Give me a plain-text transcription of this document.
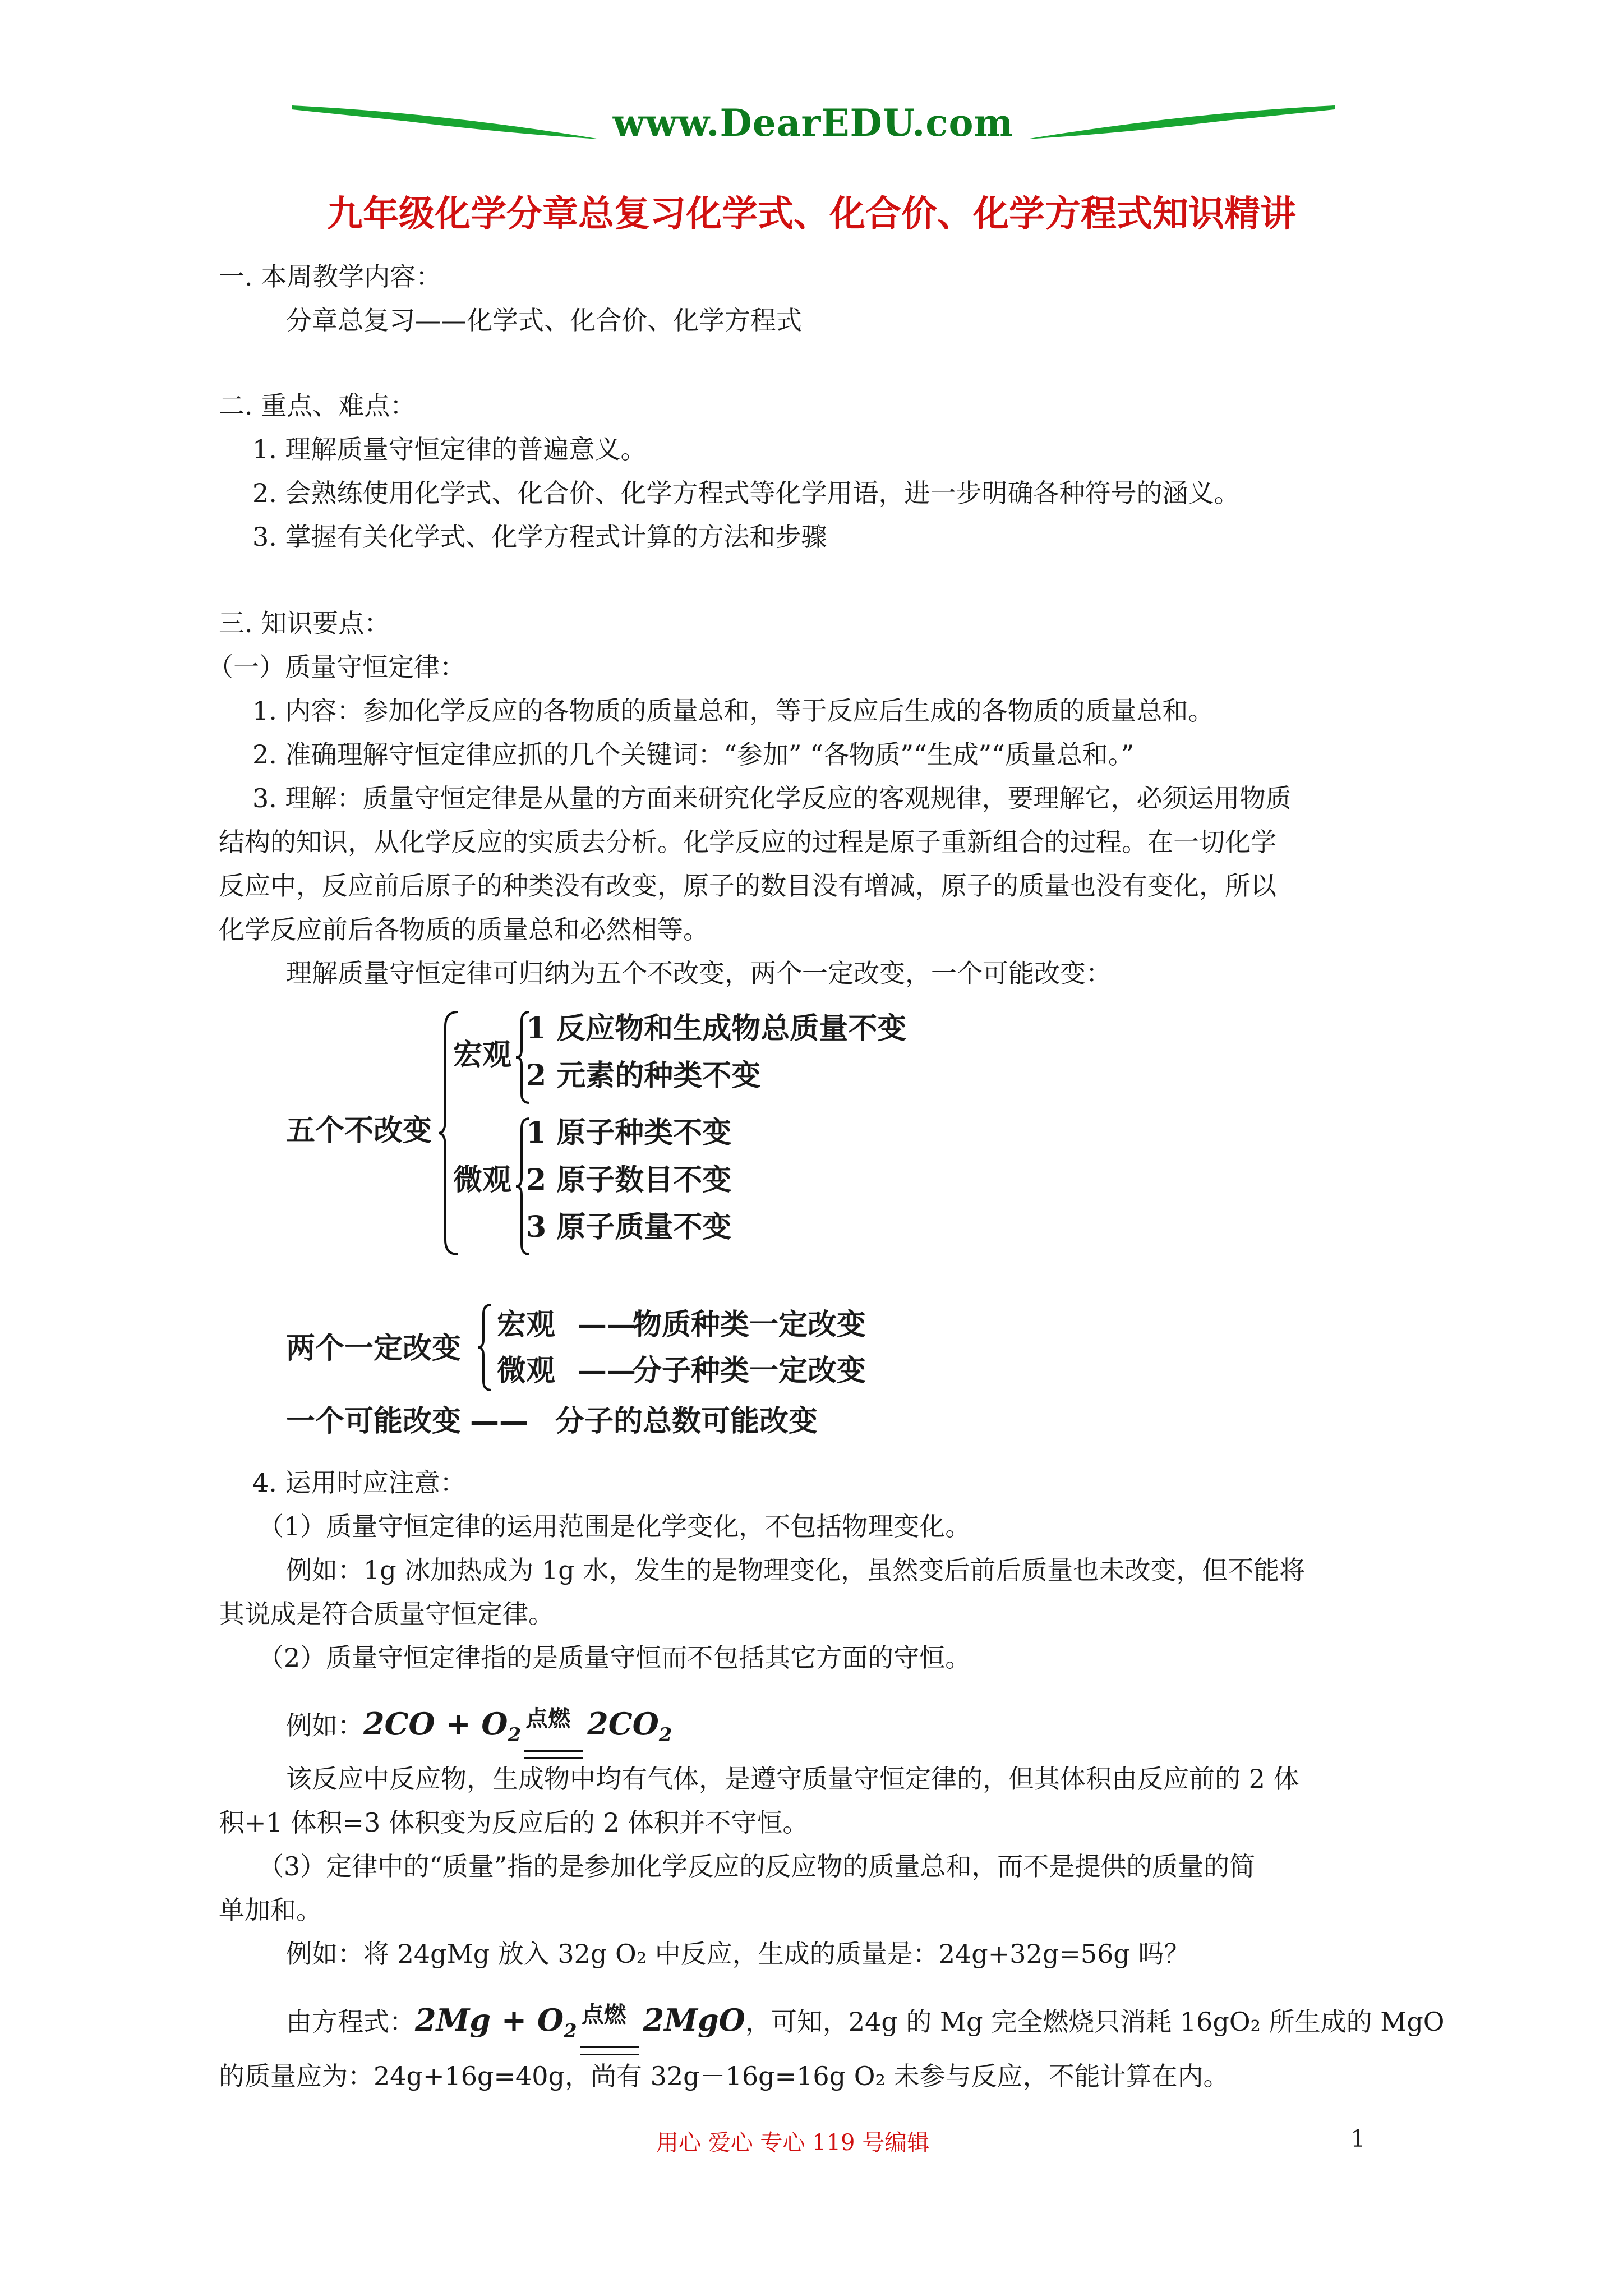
www.DearEDU.com
九年级化学分章总复习化学式、化合价、化学方程式知识精讲
一. 本周教学内容：
分章总复习——化学式、化合价、化学方程式
二. 重点、难点：
1. 理解质量守恒定律的普遍意义。
2. 会熟练使用化学式、化合价、化学方程式等化学用语，进一步明确各种符号的涵义。
3. 掌握有关化学式、化学方程式计算的方法和步骤
三. 知识要点：
（一）质量守恒定律：
1. 内容：参加化学反应的各物质的质量总和，等于反应后生成的各物质的质量总和。
2. 准确理解守恒定律应抓的几个关键词：“参加” “各物质”“生成”“质量总和。”
3. 理解：质量守恒定律是从量的方面来研究化学反应的客观规律，要理解它，必须运用物质
结构的知识，从化学反应的实质去分析。化学反应的过程是原子重新组合的过程。在一切化学
反应中，反应前后原子的种类没有改变，原子的数目没有增减，原子的质量也没有变化，所以
化学反应前后各物质的质量总和必然相等。
理解质量守恒定律可归纳为五个不改变，两个一定改变，一个可能改变：
五个不改变
宏观
1 反应物和生成物总质量不变
2 元素的种类不变
微观
1 原子种类不变
2 原子数目不变
3 原子质量不变
两个一定改变
宏观 ——
物质种类一定改变
微观 ——
分子种类一定改变
一个可能改变 —— 分子的总数可能改变
4. 运用时应注意：
（1）质量守恒定律的运用范围是化学变化，不包括物理变化。
例如：1g 冰加热成为 1g 水，发生的是物理变化，虽然变后前后质量也未改变，但不能将
其说成是符合质量守恒定律。
（2）质量守恒定律指的是质量守恒而不包括其它方面的守恒。
例如：$2CO + O_2$
点燃 $2CO_2$
该反应中反应物，生成物中均有气体，是遵守质量守恒定律的，但其体积由反应前的 2 体
积+1 体积=3 体积变为反应后的 2 体积并不守恒。
（3）定律中的“质量”指的是参加化学反应的反应物的质量总和，而不是提供的质量的简
单加和。
例如：将 24gMg 放入 32g O₂ 中反应，生成的质量是：24g+32g=56g 吗？
由方程式：$2Mg + O_2$
点燃 2MgO，可知，24g 的 Mg 完全燃烧只消耗 16gO₂ 所生成的 MgO
的质量应为：24g+16g=40g，尚有 32g－16g=16g O₂ 未参与反应，不能计算在内。
用心 爱心 专心 119 号编辑	1
